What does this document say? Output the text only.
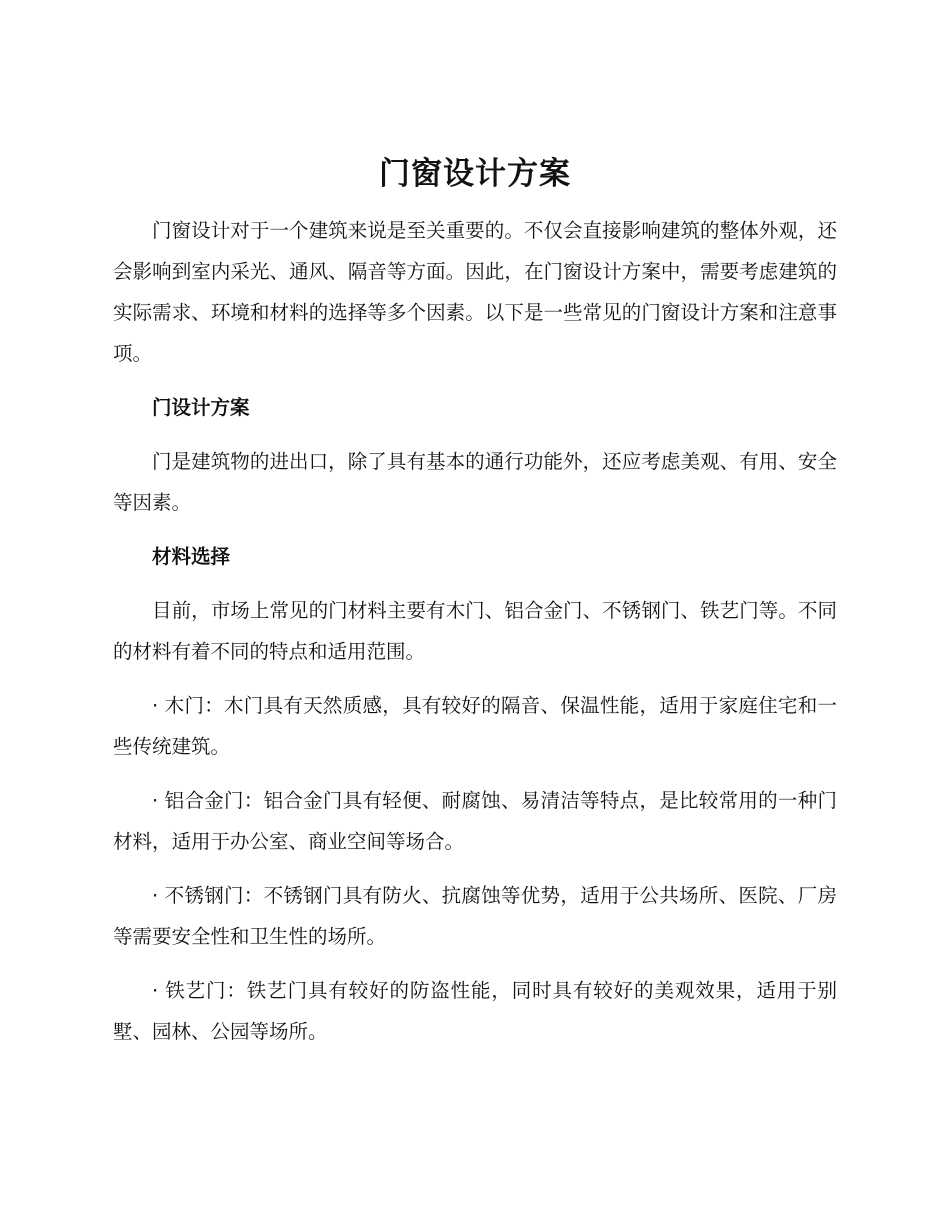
门窗设计方案

门窗设计对于一个建筑来说是至关重要的。不仅会直接影响建筑的整体外观，还会影响到室内采光、通风、隔音等方面。因此，在门窗设计方案中，需要考虑建筑的实际需求、环境和材料的选择等多个因素。以下是一些常见的门窗设计方案和注意事项。

门设计方案

门是建筑物的进出口，除了具有基本的通行功能外，还应考虑美观、有用、安全等因素。

材料选择

目前，市场上常见的门材料主要有木门、铝合金门、不锈钢门、铁艺门等。不同的材料有着不同的特点和适用范围。

· 木门：木门具有天然质感，具有较好的隔音、保温性能，适用于家庭住宅和一些传统建筑。

· 铝合金门：铝合金门具有轻便、耐腐蚀、易清洁等特点，是比较常用的一种门材料，适用于办公室、商业空间等场合。

· 不锈钢门：不锈钢门具有防火、抗腐蚀等优势，适用于公共场所、医院、厂房等需要安全性和卫生性的场所。

· 铁艺门：铁艺门具有较好的防盗性能，同时具有较好的美观效果，适用于别墅、园林、公园等场所。
